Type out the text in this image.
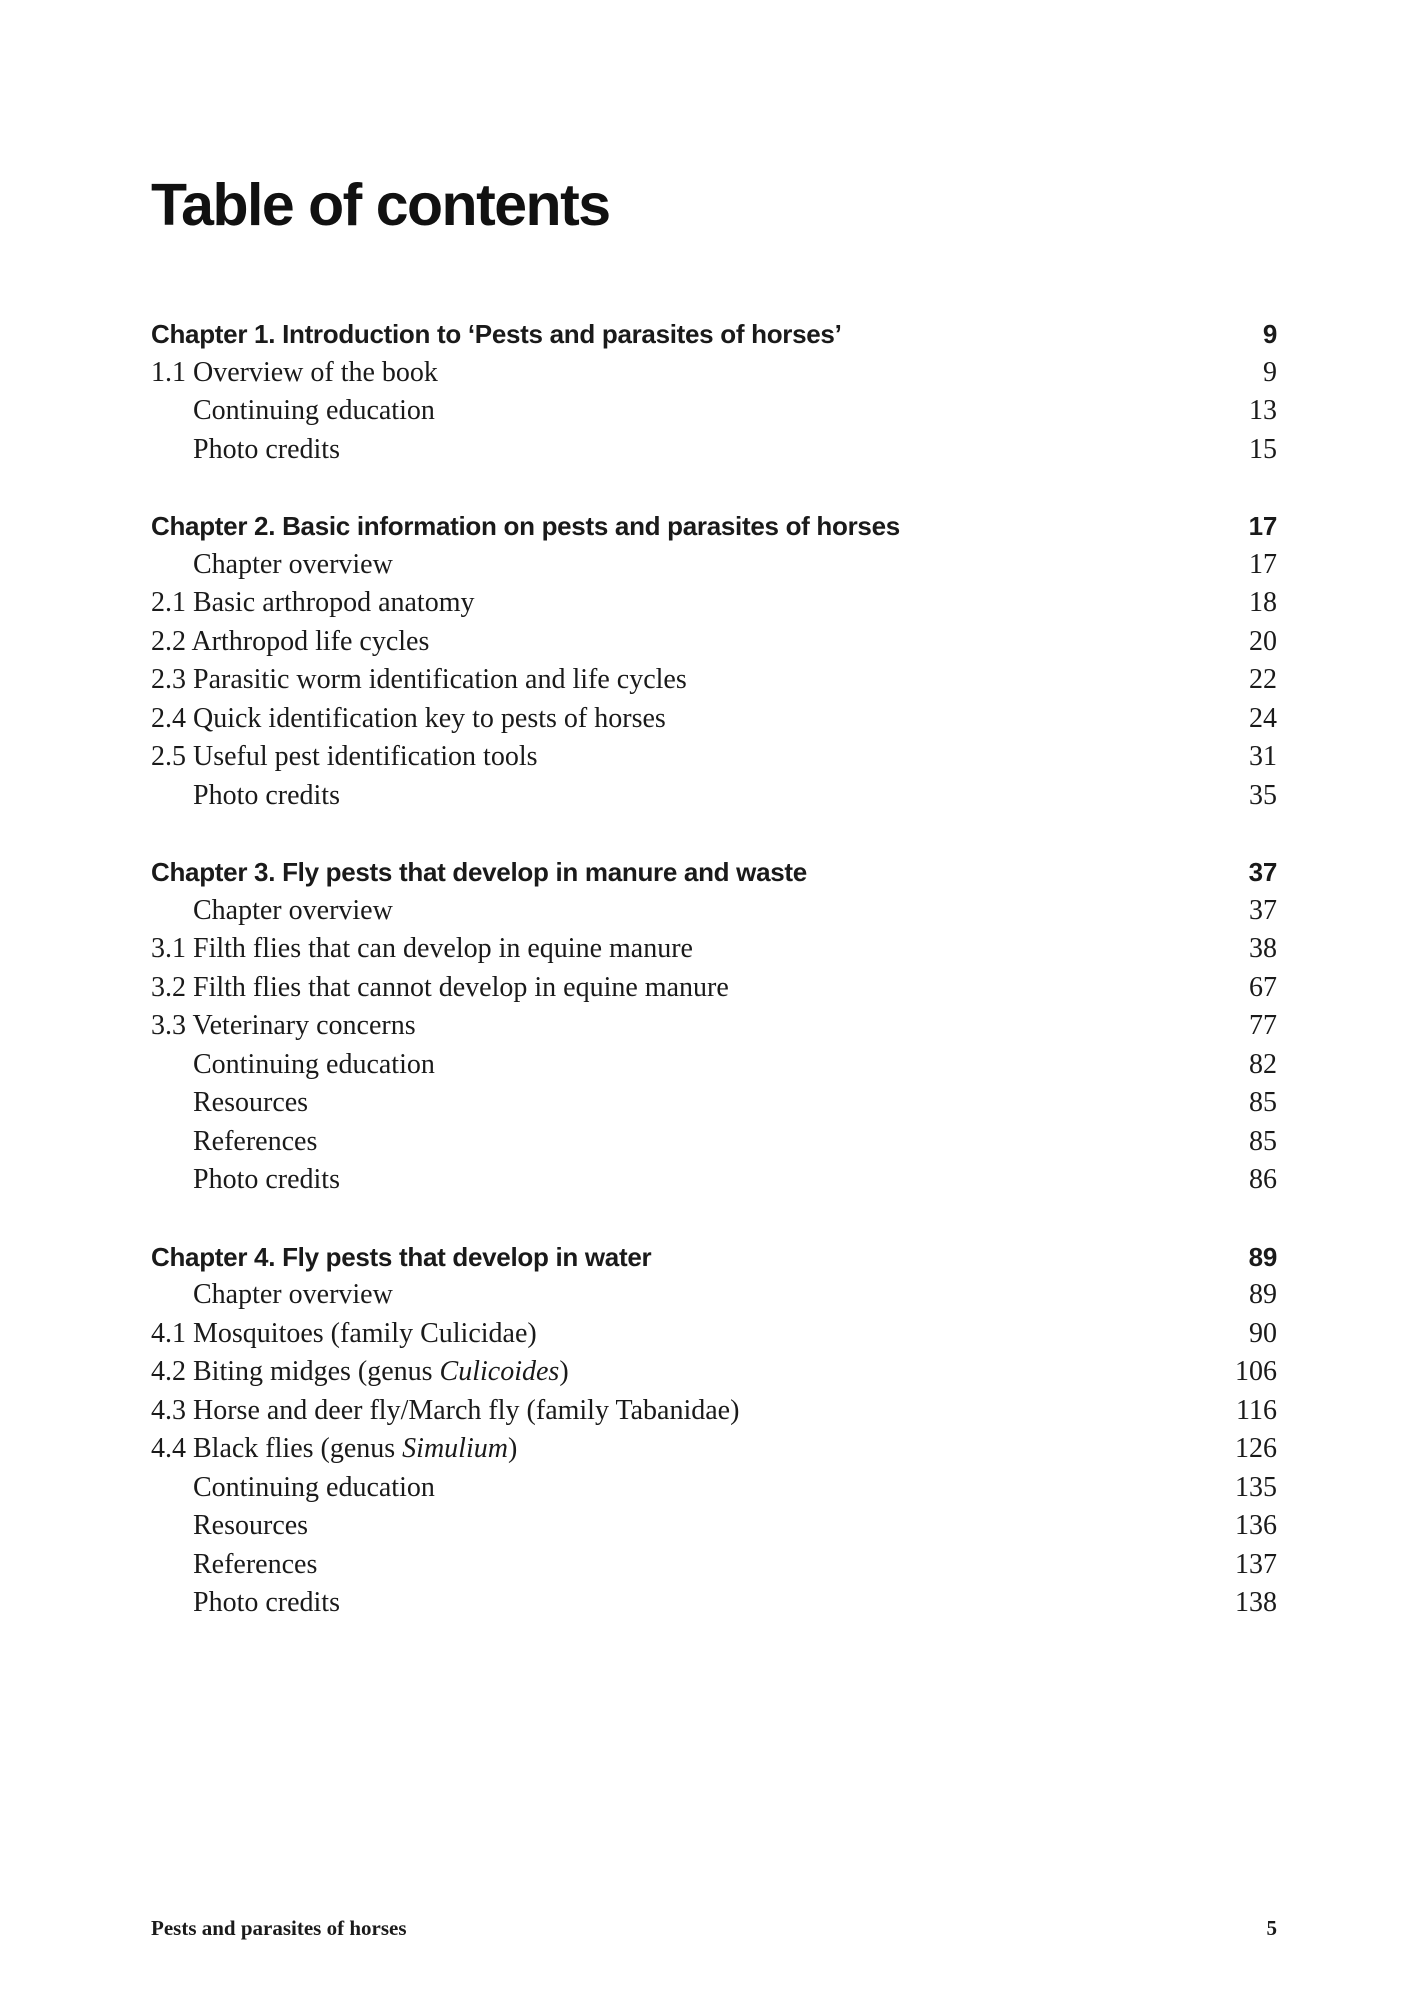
Table of contents
Chapter 1. Introduction to ‘Pests and parasites of horses’	9
1.1 Overview of the book	9
Continuing education	13
Photo credits	15
Chapter 2. Basic information on pests and parasites of horses	17
Chapter overview	17
2.1 Basic arthropod anatomy	18
2.2 Arthropod life cycles	20
2.3 Parasitic worm identification and life cycles	22
2.4 Quick identification key to pests of horses	24
2.5 Useful pest identification tools	31
Photo credits	35
Chapter 3. Fly pests that develop in manure and waste	37
Chapter overview	37
3.1 Filth flies that can develop in equine manure	38
3.2 Filth flies that cannot develop in equine manure	67
3.3 Veterinary concerns	77
Continuing education	82
Resources	85
References	85
Photo credits	86
Chapter 4. Fly pests that develop in water	89
Chapter overview	89
4.1 Mosquitoes (family Culicidae)	90
4.2 Biting midges (genus Culicoides)	106
4.3 Horse and deer fly/March fly (family Tabanidae)	116
4.4 Black flies (genus Simulium)	126
Continuing education	135
Resources	136
References	137
Photo credits	138
Pests and parasites of horses	5
